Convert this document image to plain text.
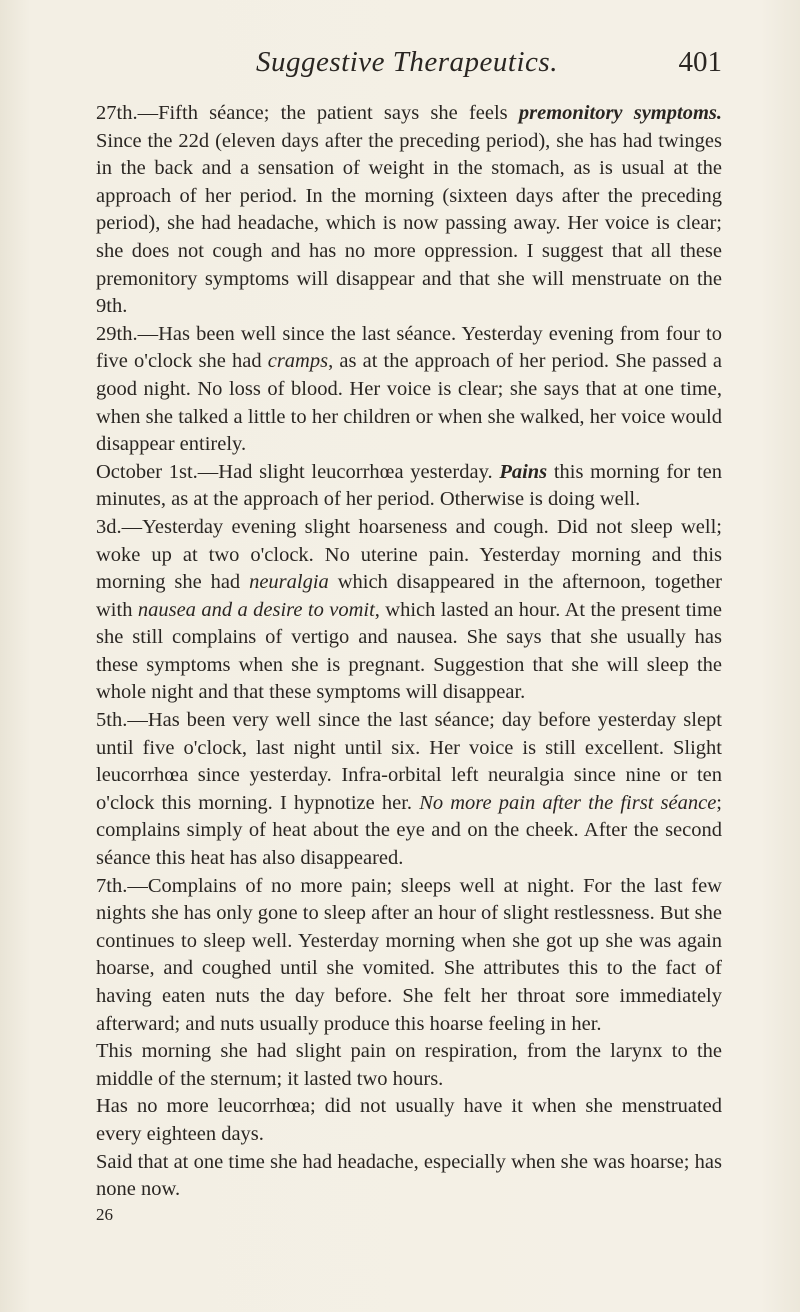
Suggestive Therapeutics.	401

27th.—Fifth séance; the patient says she feels premonitory symptoms. Since the 22d (eleven days after the preceding period), she has had twinges in the back and a sensation of weight in the stomach, as is usual at the approach of her period. In the morning (sixteen days after the preceding period), she had headache, which is now passing away. Her voice is clear; she does not cough and has no more oppression. I suggest that all these premonitory symptoms will disappear and that she will menstruate on the 9th.

29th.—Has been well since the last séance. Yesterday evening from four to five o'clock she had cramps, as at the approach of her period. She passed a good night. No loss of blood. Her voice is clear; she says that at one time, when she talked a little to her children or when she walked, her voice would disappear entirely.

October 1st.—Had slight leucorrhœa yesterday. Pains this morning for ten minutes, as at the approach of her period. Otherwise is doing well.

3d.—Yesterday evening slight hoarseness and cough. Did not sleep well; woke up at two o'clock. No uterine pain. Yesterday morning and this morning she had neuralgia which disappeared in the afternoon, together with nausea and a desire to vomit, which lasted an hour. At the present time she still complains of vertigo and nausea. She says that she usually has these symptoms when she is pregnant. Suggestion that she will sleep the whole night and that these symptoms will disappear.

5th.—Has been very well since the last séance; day before yesterday slept until five o'clock, last night until six. Her voice is still excellent. Slight leucorrhœa since yesterday. Infra-orbital left neuralgia since nine or ten o'clock this morning. I hypnotize her. No more pain after the first séance; complains simply of heat about the eye and on the cheek. After the second séance this heat has also disappeared.

7th.—Complains of no more pain; sleeps well at night. For the last few nights she has only gone to sleep after an hour of slight restlessness. But she continues to sleep well. Yesterday morning when she got up she was again hoarse, and coughed until she vomited. She attributes this to the fact of having eaten nuts the day before. She felt her throat sore immediately afterward; and nuts usually produce this hoarse feeling in her.

This morning she had slight pain on respiration, from the larynx to the middle of the sternum; it lasted two hours.

Has no more leucorrhœa; did not usually have it when she menstruated every eighteen days.

Said that at one time she had headache, especially when she was hoarse; has none now.

26
